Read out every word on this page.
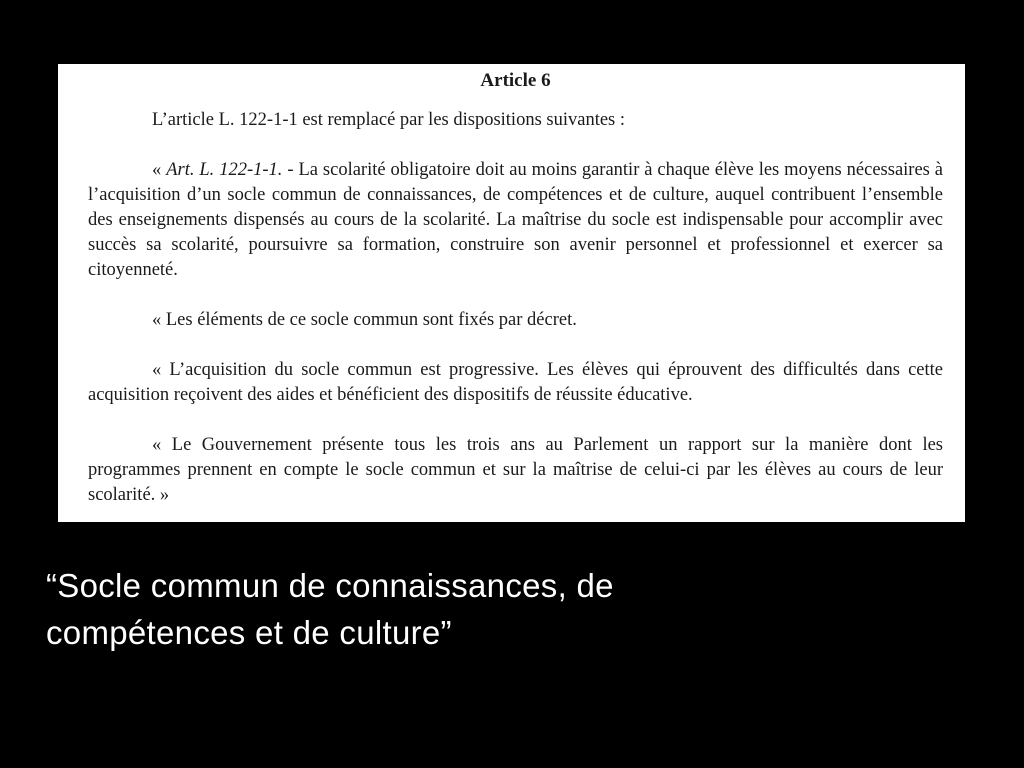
Article 6

L’article L. 122-1-1 est remplacé par les dispositions suivantes :

« Art. L. 122-1-1. - La scolarité obligatoire doit au moins garantir à chaque élève les moyens nécessaires à l’acquisition d’un socle commun de connaissances, de compétences et de culture, auquel contribuent l’ensemble des enseignements dispensés au cours de la scolarité. La maîtrise du socle est indispensable pour accomplir avec succès sa scolarité, poursuivre sa formation, construire son avenir personnel et professionnel et exercer sa citoyenneté.

« Les éléments de ce socle commun sont fixés par décret.

« L’acquisition du socle commun est progressive. Les élèves qui éprouvent des difficultés dans cette acquisition reçoivent des aides et bénéficient des dispositifs de réussite éducative.

« Le Gouvernement présente tous les trois ans au Parlement un rapport sur la manière dont les programmes prennent en compte le socle commun et sur la maîtrise de celui-ci par les élèves au cours de leur scolarité. »

“Socle commun de connaissances, de
compétences et de culture”
